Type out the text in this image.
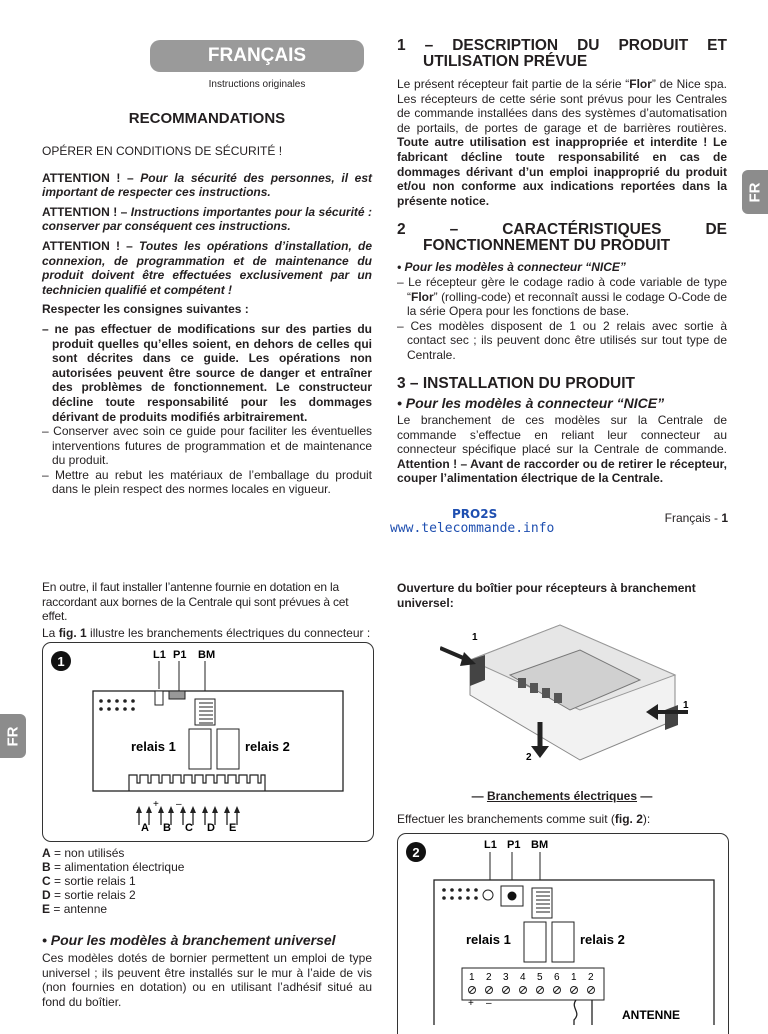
FRANÇAIS
Instructions originales
RECOMMANDATIONS

OPÉRER EN CONDITIONS DE SÉCURITÉ !

ATTENTION ! – Pour la sécurité des personnes, il est important de respecter ces instructions.

ATTENTION ! – Instructions importantes pour la sécurité : conserver par conséquent ces instructions.

ATTENTION ! – Toutes les opérations d’installation, de connexion, de programmation et de maintenance du produit doivent être effectuées exclusivement par un technicien qualifié et compétent !

Respecter les consignes suivantes :

– ne pas effectuer de modifications sur des parties du produit quelles qu’elles soient, en dehors de celles qui sont décrites dans ce guide. Les opérations non autorisées peuvent être source de danger et entraîner des problèmes de fonctionnement. Le constructeur décline toute responsabilité pour les dommages dérivant de produits modifiés arbitrairement.
– Conserver avec soin ce guide pour faciliter les éventuelles interventions futures de programmation et de maintenance du produit.
– Mettre au rebut les matériaux de l’emballage du produit dans le plein respect des normes locales en vigueur.
1 – DESCRIPTION DU PRODUIT ET UTILISATION PRÉVUE

Le présent récepteur fait partie de la série “Flor” de Nice spa. Les récepteurs de cette série sont prévus pour les Centrales de commande installées dans des systèmes d’automatisation de portails, de portes de garage et de barrières routières. Toute autre utilisation est inappropriée et interdite ! Le fabricant décline toute responsabilité en cas de dommages dérivant d’un emploi inapproprié du produit et/ou non conforme aux indications reportées dans la présente notice.

2 –	CARACTÉRISTIQUES DE FONCTIONNEMENT DU PRODUIT

• Pour les modèles à connecteur “NICE”

– Le récepteur gère le codage radio à code variable de type “Flor” (rolling-code) et reconnaît aussi le codage O-Code de la série Opera pour les fonctions de base.
– Ces modèles disposent de 1 ou 2 relais avec sortie à contact sec ; ils peuvent donc être utilisés sur tout type de Centrale.
3 – INSTALLATION DU PRODUIT

• Pour les modèles à connecteur “NICE”

Le branchement de ces modèles sur la Centrale de commande s’effectue en reliant leur connecteur au connecteur spécifique placé sur la Centrale de commande. Attention ! – Avant de raccorder ou de retirer le récepteur, couper l’alimentation électrique de la Centrale.

FR
PRO2S
www.telecommande.info
Français - 1

En outre, il faut installer l’antenne fournie en dotation en la raccordant aux bornes de la Centrale qui sont prévues à cet effet.

La fig. 1 illustre les branchements électriques du connecteur :

FR
1	L1 P1 BM
relais 1	relais 2
+ –
A B C D E
A = non utilisés
B = alimentation électrique
C = sortie relais 1
D = sortie relais 2
E = antenne
• Pour les modèles à branchement universel
Ces modèles dotés de bornier permettent un emploi de type universel ; ils peuvent être installés sur le mur à l’aide de vis (non fournies en dotation) ou en utilisant l’adhésif situé au fond du boîtier.
Ouverture du boîtier pour récepteurs à branchement universel:
1
1
2
— Branchements électriques —
Effectuer les branchements comme suit (fig. 2):
2	L1 P1 BM
relais 1	relais 2
1 2 3 4 5 6 1 2
+ –
ANTENNE
